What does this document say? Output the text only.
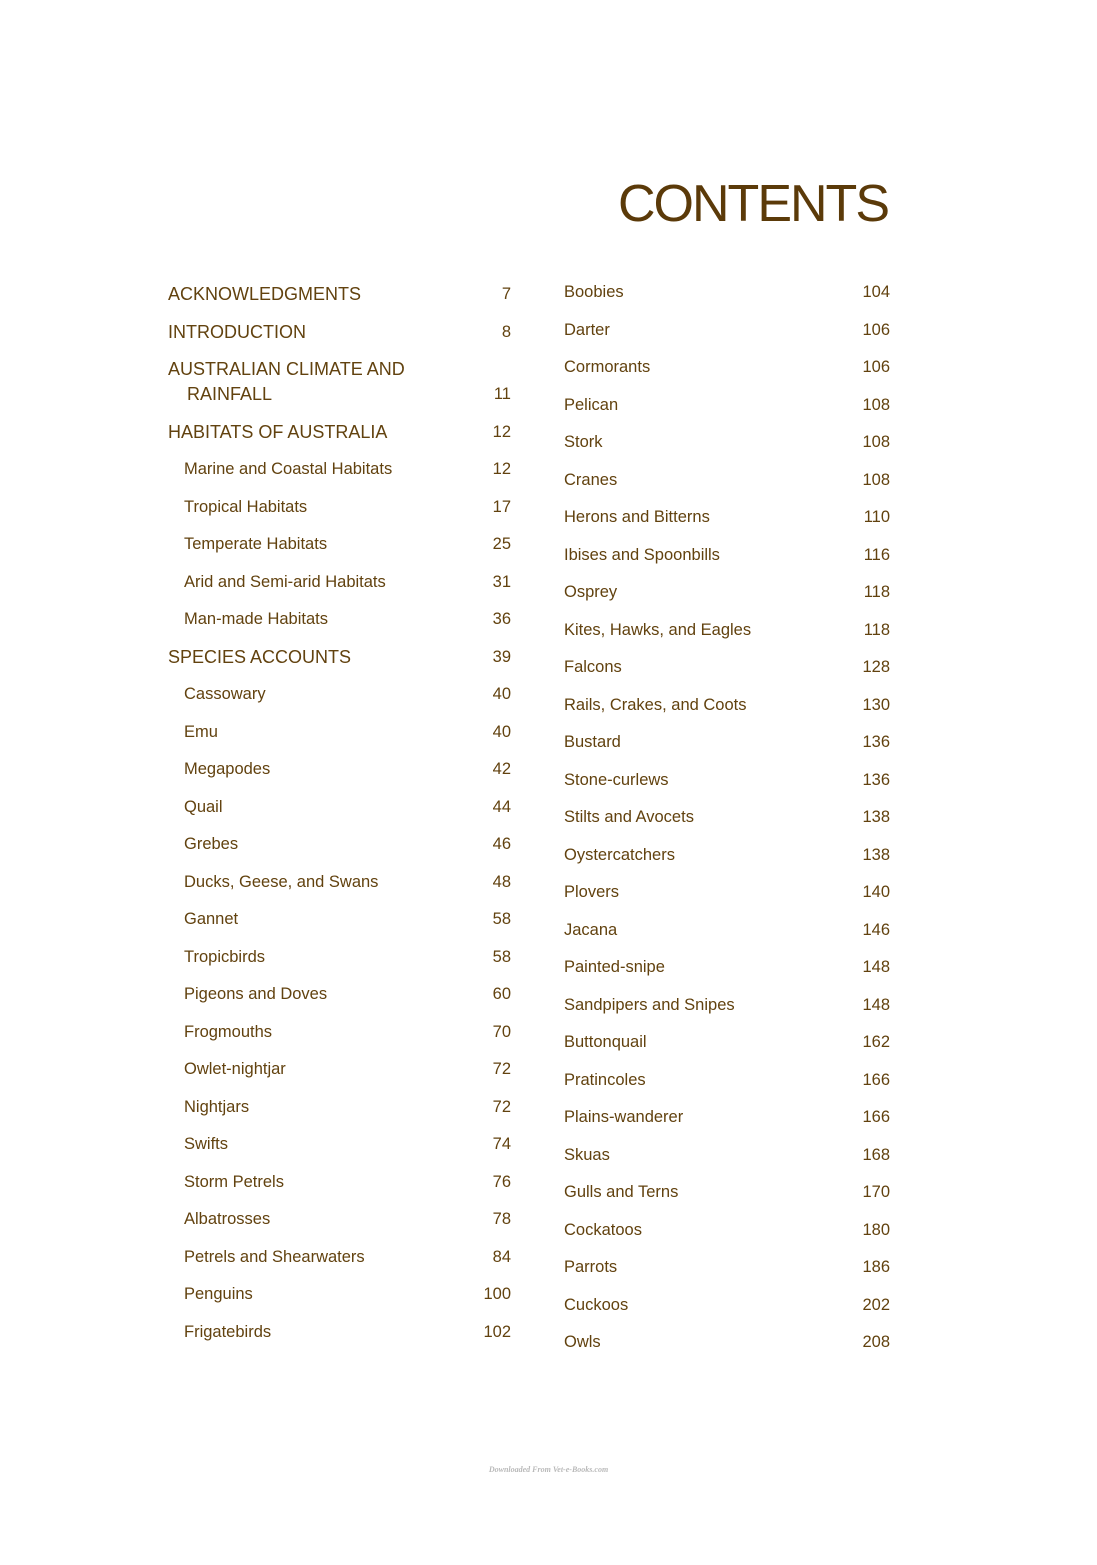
CONTENTS
ACKNOWLEDGMENTS	7
INTRODUCTION	8
AUSTRALIAN CLIMATE AND RAINFALL	11
HABITATS OF AUSTRALIA	12
Marine and Coastal Habitats	12
Tropical Habitats	17
Temperate Habitats	25
Arid and Semi-arid Habitats	31
Man-made Habitats	36
SPECIES ACCOUNTS	39
Cassowary	40
Emu	40
Megapodes	42
Quail	44
Grebes	46
Ducks, Geese, and Swans	48
Gannet	58
Tropicbirds	58
Pigeons and Doves	60
Frogmouths	70
Owlet-nightjar	72
Nightjars	72
Swifts	74
Storm Petrels	76
Albatrosses	78
Petrels and Shearwaters	84
Penguins	100
Frigatebirds	102
Boobies	104
Darter	106
Cormorants	106
Pelican	108
Stork	108
Cranes	108
Herons and Bitterns	110
Ibises and Spoonbills	116
Osprey	118
Kites, Hawks, and Eagles	118
Falcons	128
Rails, Crakes, and Coots	130
Bustard	136
Stone-curlews	136
Stilts and Avocets	138
Oystercatchers	138
Plovers	140
Jacana	146
Painted-snipe	148
Sandpipers and Snipes	148
Buttonquail	162
Pratincoles	166
Plains-wanderer	166
Skuas	168
Gulls and Terns	170
Cockatoos	180
Parrots	186
Cuckoos	202
Owls	208
Downloaded From Vet-e-Books.com
